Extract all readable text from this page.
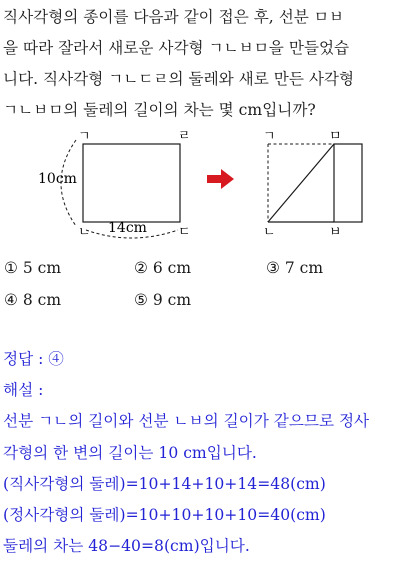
직사각형의 종이를 다음과 같이 접은 후, 선분 ㅁㅂ
을 따라 잘라서 새로운 사각형 ㄱㄴㅂㅁ을 만들었습
니다. 직사각형 ㄱㄴㄷㄹ의 둘레와 새로 만든 사각형
ㄱㄴㅂㅁ의 둘레의 길이의 차는 몇 cm입니까?
ㄱ	ㄹ
ㄴ	ㄷ
10cm
14cm
ㄱ	ㅁ
ㄴ	ㅂ
① 5 cm	② 6 cm	③ 7 cm
④ 8 cm	⑤ 9 cm
정답 : ④
해설 :
선분 ㄱㄴ의 길이와 선분 ㄴㅂ의 길이가 같으므로 정사
각형의 한 변의 길이는 10 cm입니다.
(직사각형의 둘레)=10+14+10+14=48(cm)
(정사각형의 둘레)=10+10+10+10=40(cm)
둘레의 차는 48−40=8(cm)입니다.
